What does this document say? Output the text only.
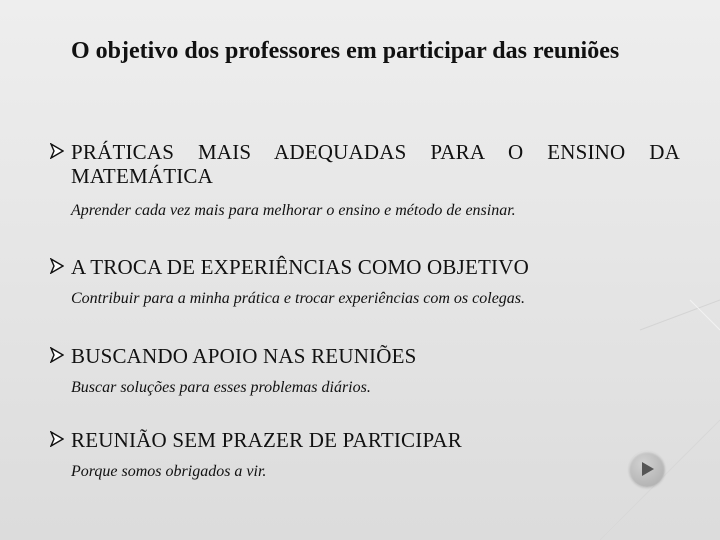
O objetivo dos professores em participar das reuniões

PRÁTICAS MAIS ADEQUADAS PARA O ENSINO DA MATEMÁTICA

Aprender cada vez mais para melhorar o ensino e método de ensinar.

A TROCA DE EXPERIÊNCIAS COMO OBJETIVO

Contribuir para a minha prática e trocar experiências com os colegas.

BUSCANDO APOIO NAS REUNIÕES

Buscar soluções para esses problemas diários.

REUNIÃO SEM PRAZER DE PARTICIPAR

Porque somos obrigados a vir.
